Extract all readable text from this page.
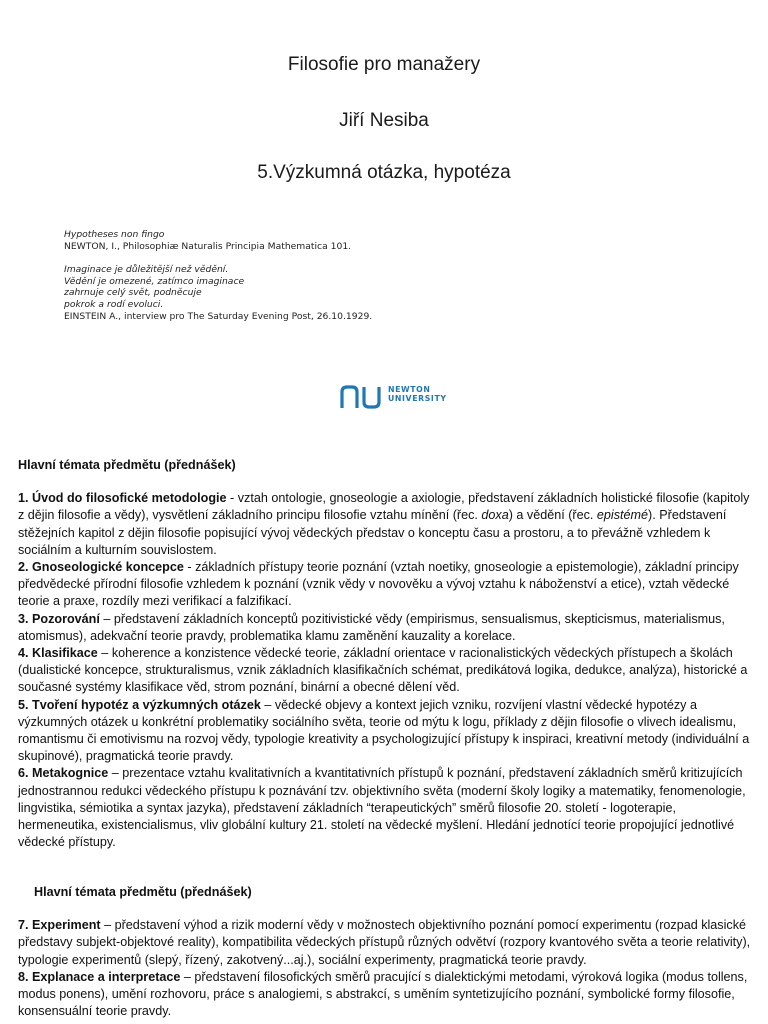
Filosofie pro manažery
Jiří Nesiba
5.Výzkumná otázka, hypotéza
Hypotheses non fingo
NEWTON, I., Philosophiæ Naturalis Principia Mathematica 101.
Imaginace je důležitější než vědění.
Vědění je omezené, zatímco imaginace
zahrnuje celý svět, podněcuje
pokrok a rodí evoluci.
EINSTEIN A., interview pro The Saturday Evening Post, 26.10.1929.
NEWTON
UNIVERSITY
Hlavní témata předmětu (přednášek)

1. Úvod do filosofické metodologie - vztah ontologie, gnoseologie a axiologie, představení základních holistické filosofie (kapitoly z dějin filosofie a vědy), vysvětlení základního principu filosofie vztahu mínění (řec. doxa) a vědění (řec. epistémé). Představení stěžejních kapitol z dějin filosofie popisující vývoj vědeckých představ o konceptu času a prostoru, a to převážně vzhledem k sociálním a kulturním souvislostem.

2. Gnoseologické koncepce - základních přístupy teorie poznání (vztah noetiky, gnoseologie a epistemologie), základní principy předvědecké přírodní filosofie vzhledem k poznání (vznik vědy v novověku a vývoj vztahu k náboženství a etice), vztah vědecké teorie a praxe, rozdíly mezi verifikací a falzifikací.

3. Pozorování – představení základních konceptů pozitivistické vědy (empirismus, sensualismus, skepticismus, materialismus, atomismus), adekvační teorie pravdy, problematika klamu zaměnění kauzality a korelace.

4. Klasifikace – koherence a konzistence vědecké teorie, základní orientace v racionalistických vědeckých přístupech a školách (dualistické koncepce, strukturalismus, vznik základních klasifikačních schémat, predikátová logika, dedukce, analýza), historické a současné systémy klasifikace věd, strom poznání, binární a obecné dělení věd.

5. Tvoření hypotéz a výzkumných otázek – vědecké objevy a kontext jejich vzniku, rozvíjení vlastní vědecké hypotézy a výzkumných otázek u konkrétní problematiky sociálního světa, teorie od mýtu k logu, příklady z dějin filosofie o vlivech idealismu, romantismu či emotivismu na rozvoj vědy, typologie kreativity a psychologizující přístupy k inspiraci, kreativní metody (individuální a skupinové), pragmatická teorie pravdy.

6. Metakognice – prezentace vztahu kvalitativních a kvantitativních přístupů k poznání, představení základních směrů kritizujících jednostrannou redukci vědeckého přístupu k poznávání tzv. objektivního světa (moderní školy logiky a matematiky, fenomenologie, lingvistika, sémiotika a syntax jazyka), představení základních “terapeutických” směrů filosofie 20. století - logoterapie, hermeneutika, existencialismus, vliv globální kultury 21. století na vědecké myšlení. Hledání jednotící teorie propojující jednotlivé vědecké přístupy.

Hlavní témata předmětu (přednášek)

7. Experiment – představení výhod a rizik moderní vědy v možnostech objektivního poznání pomocí experimentu (rozpad klasické představy subjekt-objektové reality), kompatibilita vědeckých přístupů různých odvětví (rozpory kvantového světa a teorie relativity), typologie experimentů (slepý, řízený, zakotvený...aj.), sociální experimenty, pragmatická teorie pravdy.

8. Explanace a interpretace – představení filosofických směrů pracující s dialektickými metodami, výroková logika (modus tollens, modus ponens), umění rozhovoru, práce s analogiemi, s abstrakcí, s uměním syntetizujícího poznání, symbolické formy filosofie, konsensuální teorie pravdy.
